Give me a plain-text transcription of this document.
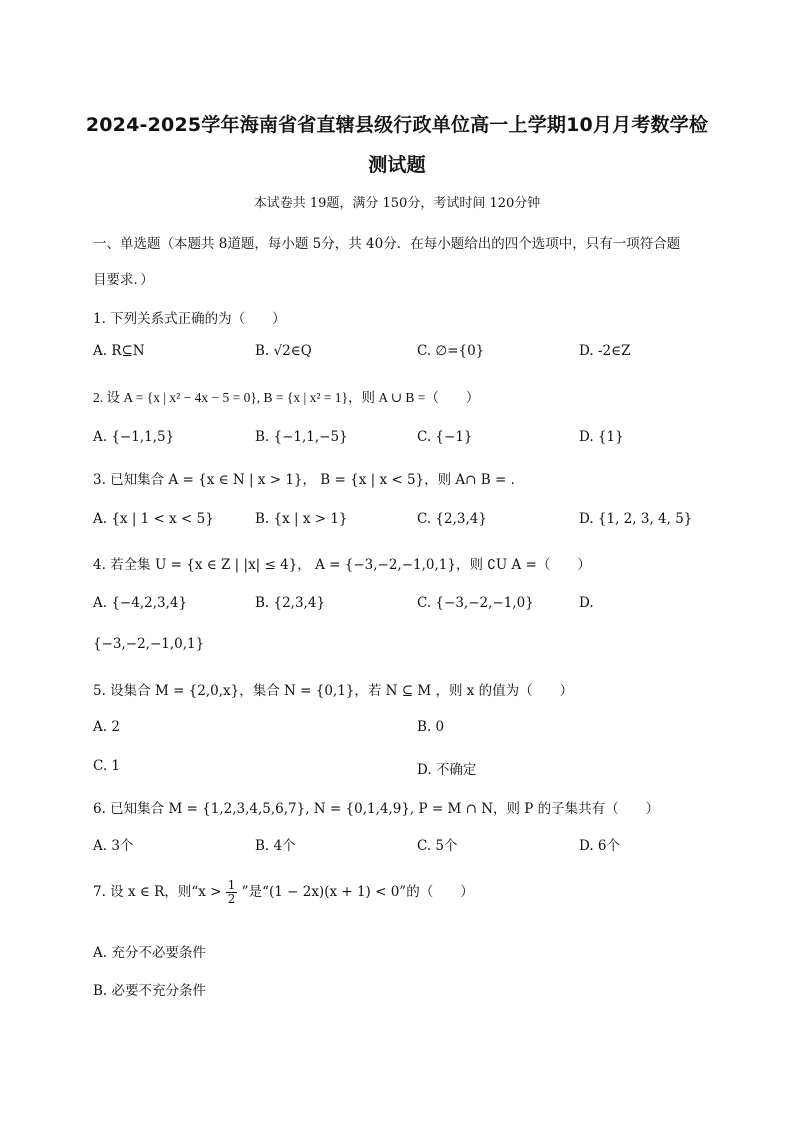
2024-2025学年海南省省直辖县级行政单位高一上学期10月月考数学检
测试题
本试卷共 19题，满分 150分，考试时间 120分钟
一、单选题（本题共 8道题，每小题 5分，共 40分．在每小题给出的四个选项中，只有一项符合题
目要求．）
1. 下列关系式正确的为（　　）
A. R⊆N	B. √2∈Q	C. ∅={0}	D. -2∈Z
2. 设 A = {x | x² − 4x − 5 = 0}, B = {x | x² = 1}，则 A ∪ B =（　　）
A. {−1,1,5}	B. {−1,1,−5}	C. {−1}	D. {1}
3. 已知集合 A = {x ∈ N | x > 1}， B = {x | x < 5}，则 A∩ B = .
A. {x | 1 < x < 5}	B. {x | x > 1}	C. {2,3,4}	D. {1, 2, 3, 4, 5}
4. 若全集 U = {x ∈ Z | |x| ≤ 4}， A = {−3,−2,−1,0,1}，则 ∁U A =（　　）
A. {−4,2,3,4}	B. {2,3,4}	C. {−3,−2,−1,0}	D.
{−3,−2,−1,0,1}
5. 设集合 M = {2,0,x}，集合 N = {0,1}，若 N ⊆ M ，则 x 的值为（　　）
A. 2	B. 0
C. 1	D. 不确定
6. 已知集合 M = {1,2,3,4,5,6,7}, N = {0,1,4,9}, P = M ∩ N，则 P 的子集共有（　　）
A. 3个	B. 4个	C. 5个	D. 6个
7. 设 x ∈ R，则“$x > \frac{1}{2}$ ”是“(1 − 2x)(x + 1) < 0”的（　　）
A. 充分不必要条件
B. 必要不充分条件
